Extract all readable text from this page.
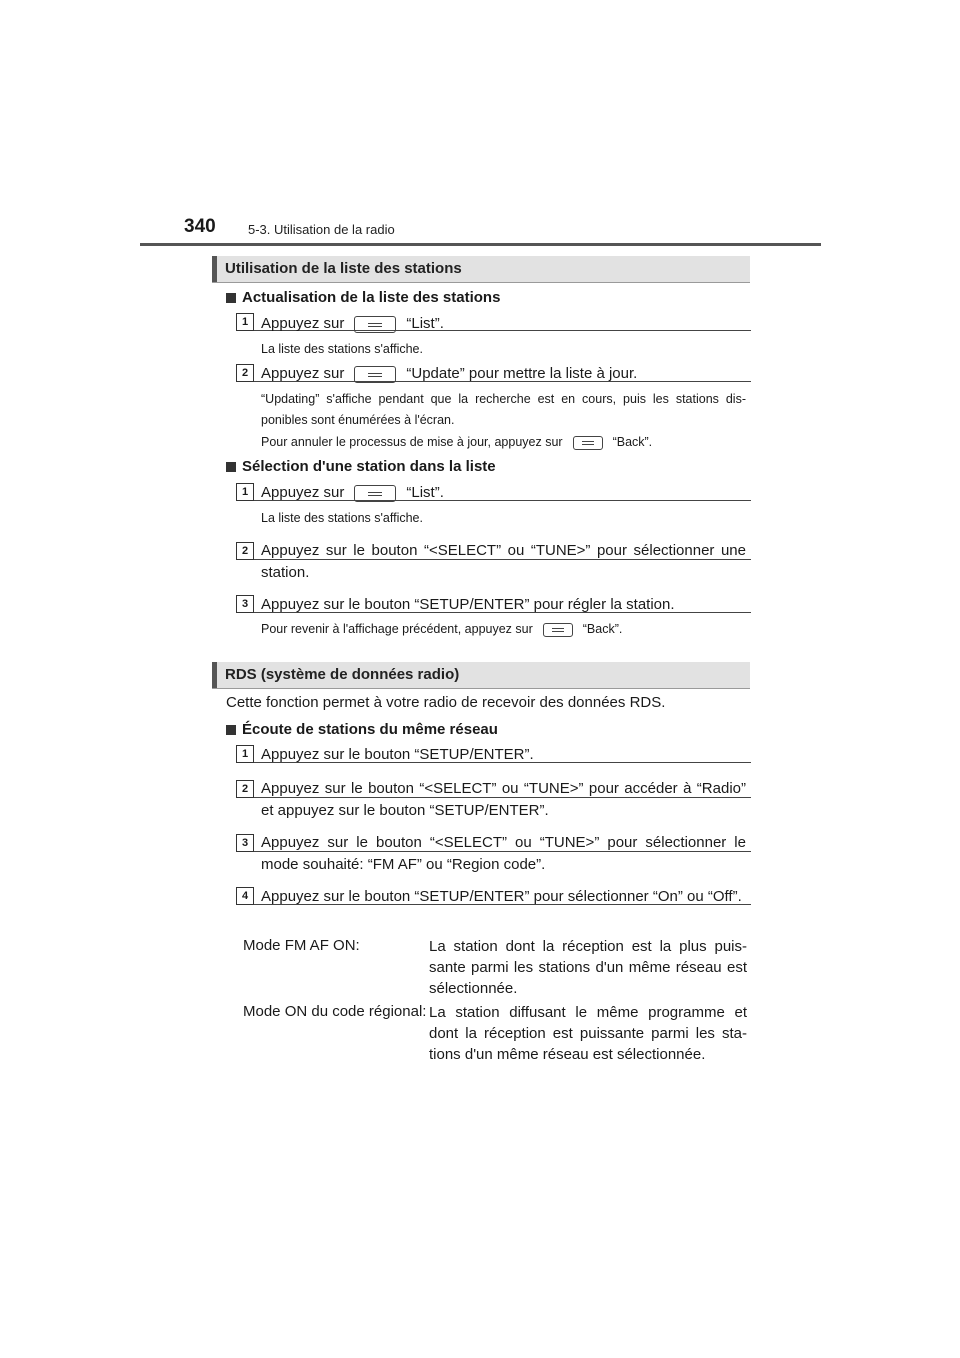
340 5-3. Utilisation de la radio
Utilisation de la liste des stations
Actualisation de la liste des stations
1 Appuyez sur	“List”.
La liste des stations s'affiche.
2 Appuyez sur	“Update” pour mettre la liste à jour.
“Updating” s'affiche pendant que la recherche est en cours, puis les stations dis-ponibles sont énumérées à l'écran.
Pour annuler le processus de mise à jour, appuyez sur	“Back”.
Sélection d'une station dans la liste
1 Appuyez sur	“List”.
La liste des stations s'affiche.
2 Appuyez sur le bouton “<SELECT” ou “TUNE>” pour sélectionner une station.
3 Appuyez sur le bouton “SETUP/ENTER” pour régler la station.
Pour revenir à l'affichage précédent, appuyez sur	“Back”.
RDS (système de données radio)
Cette fonction permet à votre radio de recevoir des données RDS.
Écoute de stations du même réseau
1 Appuyez sur le bouton “SETUP/ENTER”.
2 Appuyez sur le bouton “<SELECT” ou “TUNE>” pour accéder à “Radio” et appuyez sur le bouton “SETUP/ENTER”.
3 Appuyez sur le bouton “<SELECT” ou “TUNE>” pour sélectionner le mode souhaité: “FM AF” ou “Region code”.
4 Appuyez sur le bouton “SETUP/ENTER” pour sélectionner “On” ou “Off”.
Mode FM AF ON:	La station dont la réception est la plus puis-sante parmi les stations d'un même réseau est sélectionnée.
Mode ON du code régional: La station diffusant le même programme et dont la réception est puissante parmi les sta-tions d'un même réseau est sélectionnée.
